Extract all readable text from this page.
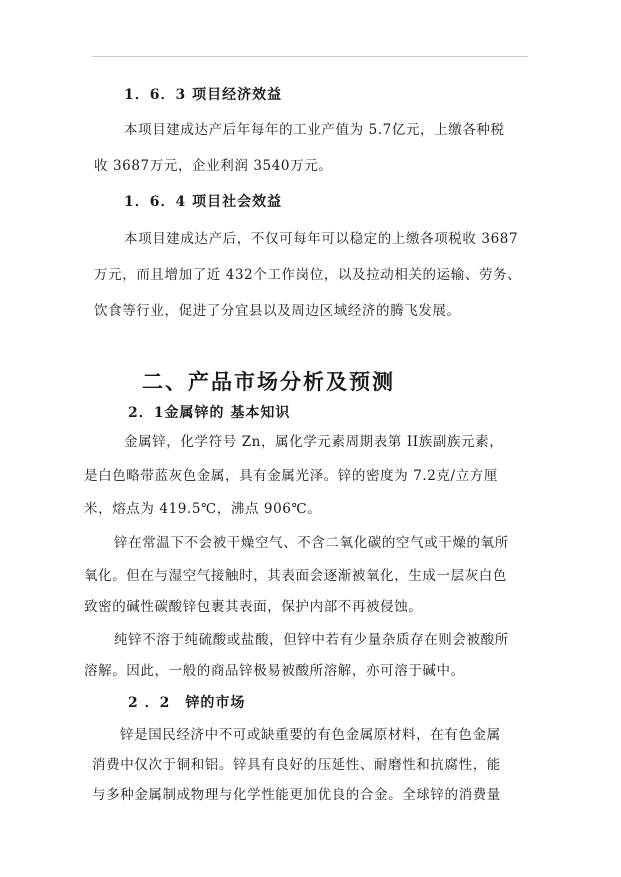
1．6．3 项目经济效益
本项目建成达产后年每年的工业产值为 5.7亿元，上缴各种税
收 3687万元，企业利润 3540万元。
1．6．4 项目社会效益
本项目建成达产后，不仅可每年可以稳定的上缴各项税收 3687
万元，而且增加了近 432个工作岗位，以及拉动相关的运输、劳务、
饮食等行业，促进了分宜县以及周边区域经济的腾飞发展。
二、产品市场分析及预测
2．1金属锌的 基本知识
金属锌，化学符号 Zn，属化学元素周期表第 II族副族元素，
是白色略带蓝灰色金属，具有金属光泽。锌的密度为 7.2克/立方厘
米，熔点为 419.5℃，沸点 906℃。
锌在常温下不会被干燥空气、不含二氧化碳的空气或干燥的氧所
氧化。但在与湿空气接触时，其表面会逐渐被氧化，生成一层灰白色
致密的碱性碳酸锌包裹其表面，保护内部不再被侵蚀。
纯锌不溶于纯硫酸或盐酸，但锌中若有少量杂质存在则会被酸所
溶解。因此，一般的商品锌极易被酸所溶解，亦可溶于碱中。
2 ．2　锌的市场
锌是国民经济中不可或缺重要的有色金属原材料，在有色金属
消费中仅次于铜和铝。锌具有良好的压延性、耐磨性和抗腐性，能
与多种金属制成物理与化学性能更加优良的合金。全球锌的消费量
